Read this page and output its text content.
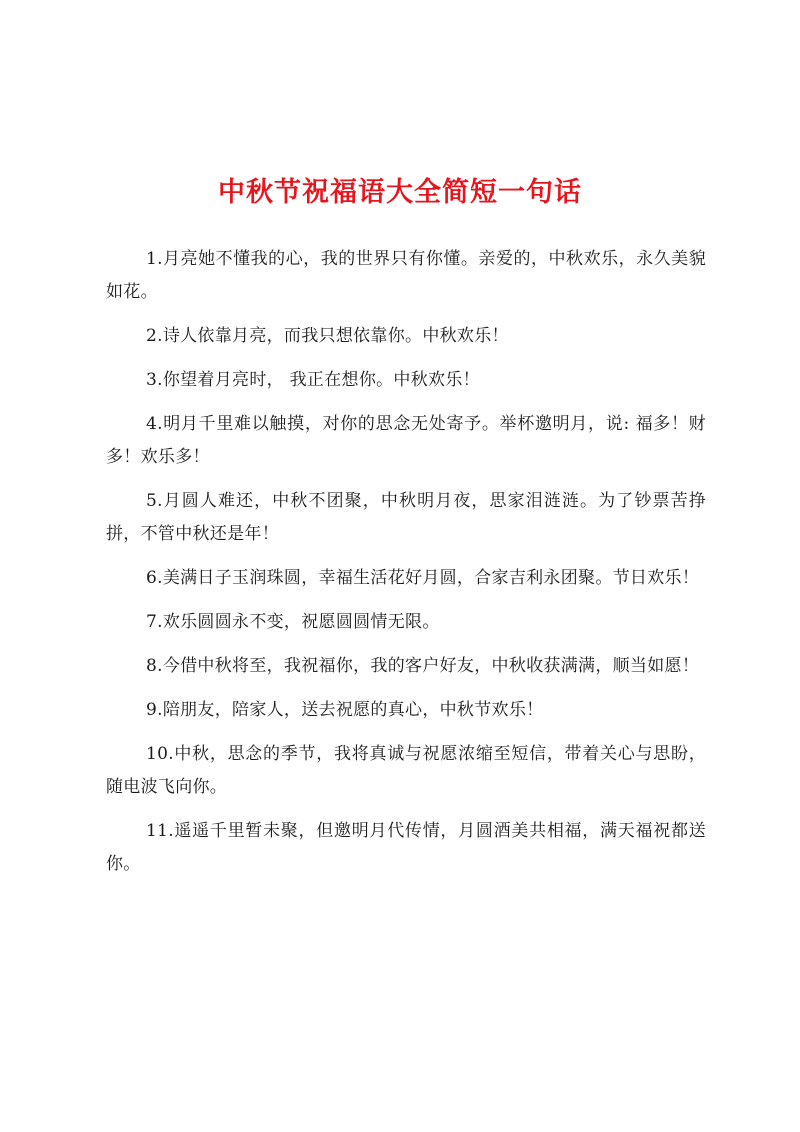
中秋节祝福语大全简短一句话

1.月亮她不懂我的心，我的世界只有你懂。亲爱的，中秋欢乐，永久美貌如花。

2.诗人依靠月亮，而我只想依靠你。中秋欢乐！

3.你望着月亮时， 我正在想你。中秋欢乐！

4.明月千里难以触摸，对你的思念无处寄予。举杯邀明月，说: 福多！财多！欢乐多！

5.月圆人难还，中秋不团聚，中秋明月夜，思家泪涟涟。为了钞票苦挣拼，不管中秋还是年！

6.美满日子玉润珠圆，幸福生活花好月圆，合家吉利永团聚。节日欢乐！

7.欢乐圆圆永不变，祝愿圆圆情无限。

8.今借中秋将至，我祝福你，我的客户好友，中秋收获满满，顺当如愿！

9.陪朋友，陪家人，送去祝愿的真心，中秋节欢乐！

10.中秋，思念的季节，我将真诚与祝愿浓缩至短信，带着关心与思盼，随电波飞向你。

11.遥遥千里暂未聚，但邀明月代传情，月圆酒美共相福，满天福祝都送你。
